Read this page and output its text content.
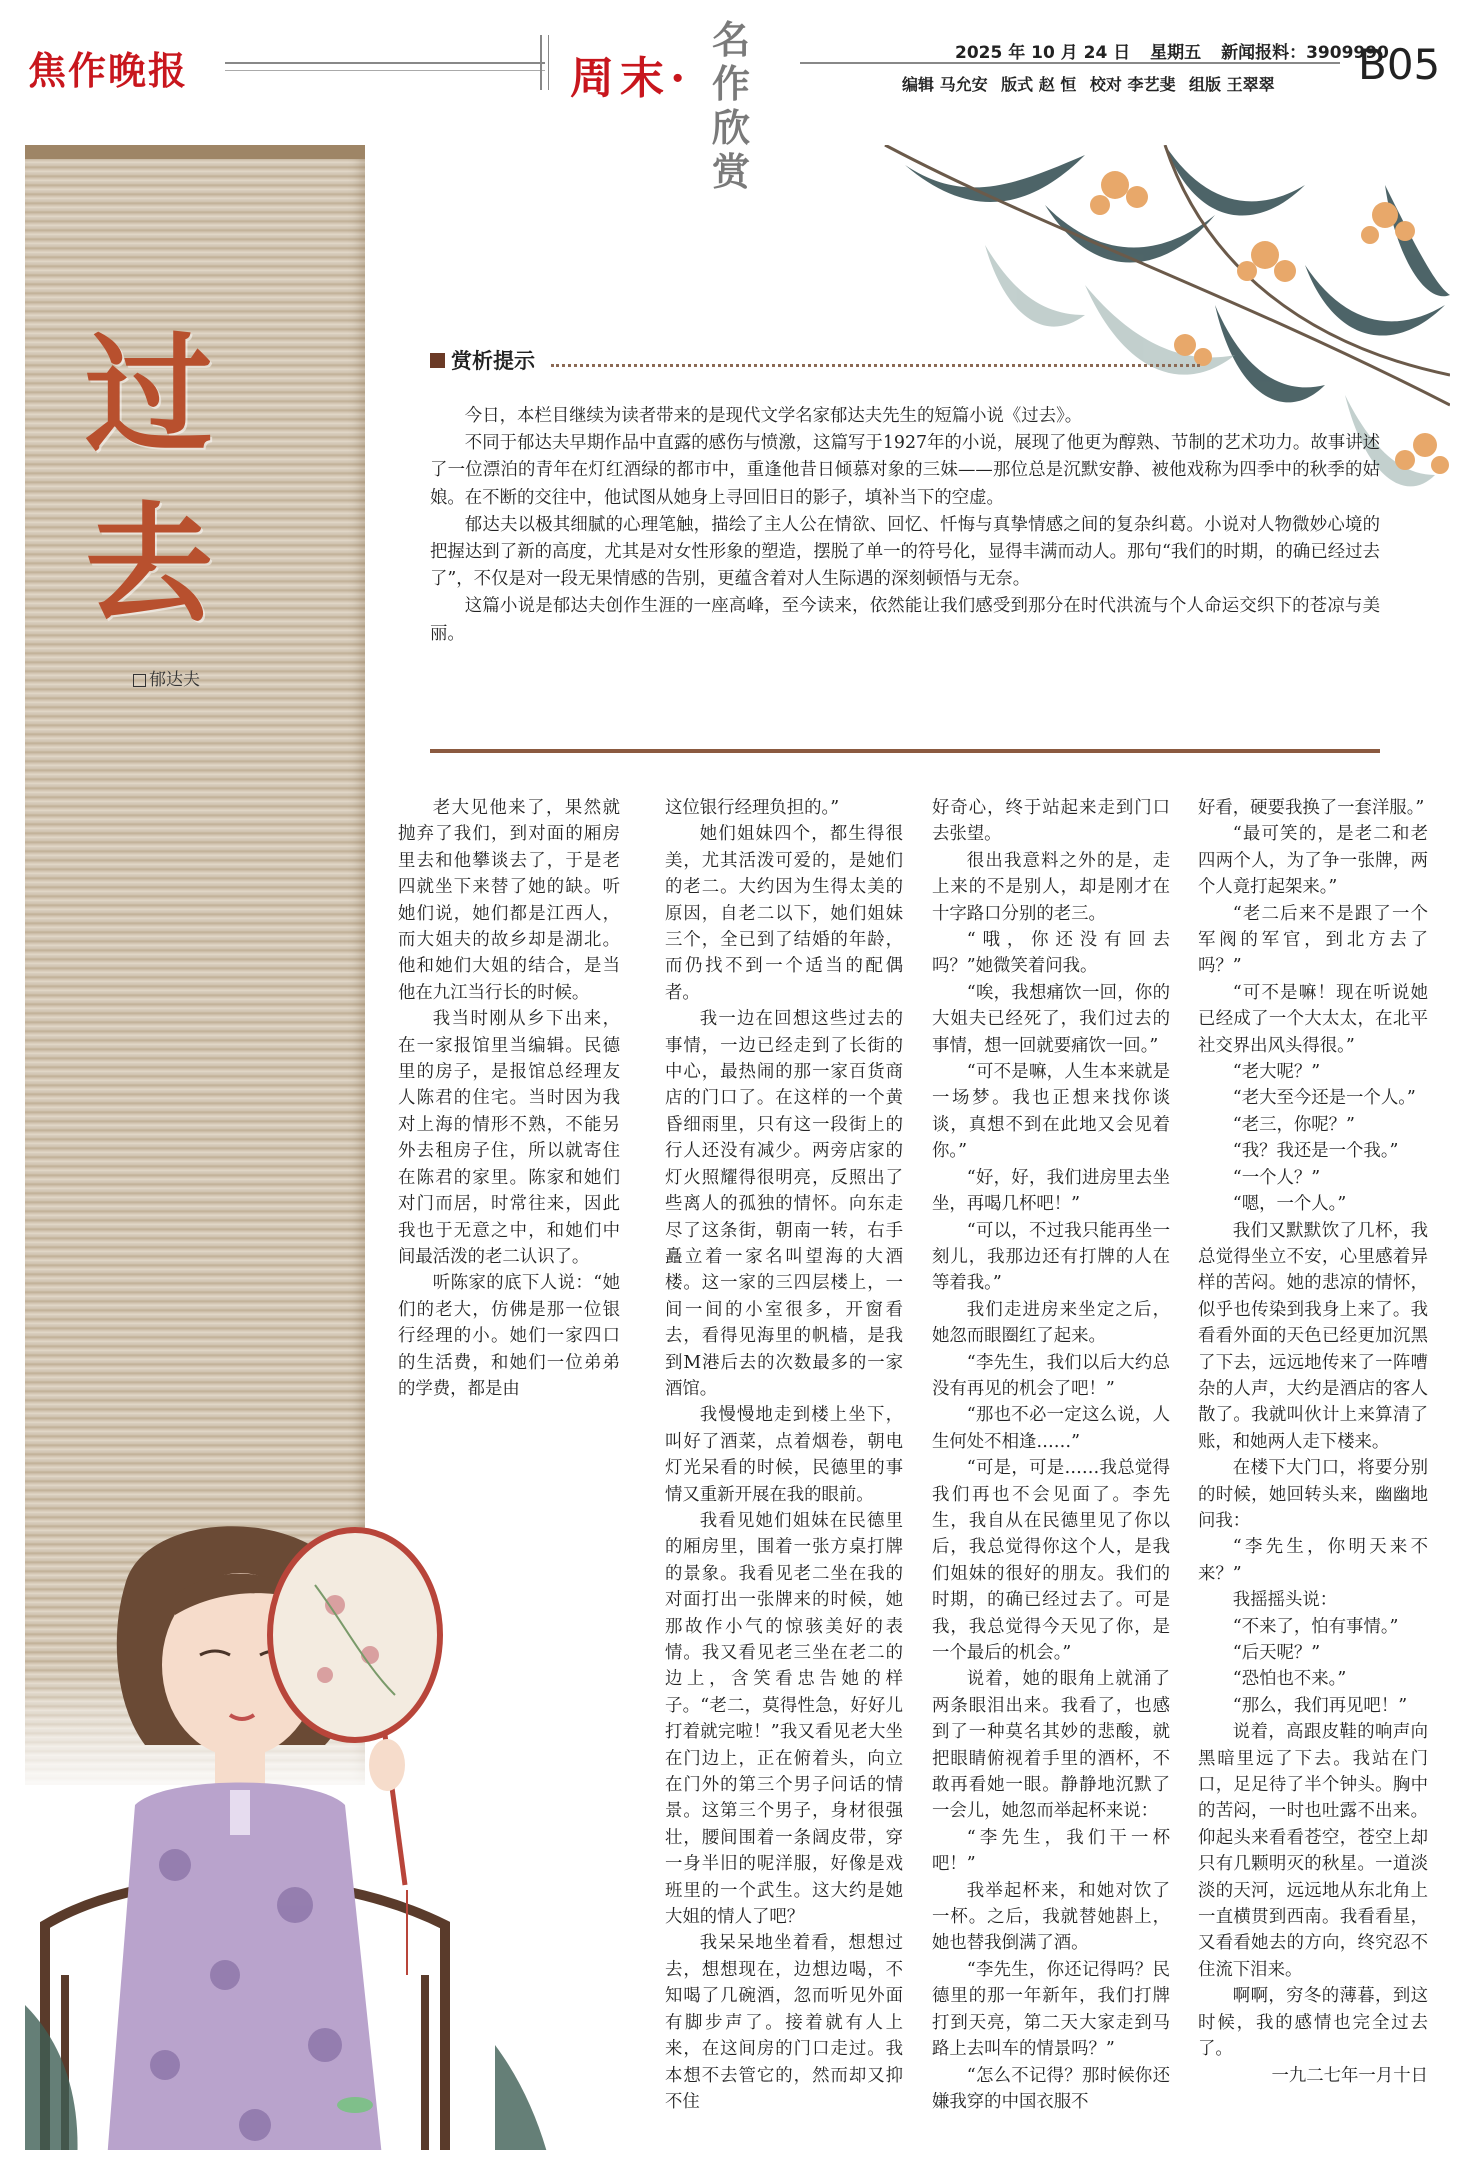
焦作晚报	周末·
名作欣赏
2025 年 10 月 24 日 星期五 新闻报料：3909990
编辑 马允安 版式 赵 恒 校对 李艺斐 组版 王翠翠 B05
过去
郁达夫
赏析提示

今日，本栏目继续为读者带来的是现代文学名家郁达夫先生的短篇小说《过去》。

不同于郁达夫早期作品中直露的感伤与愤激，这篇写于1927年的小说，展现了他更为醇熟、节制的艺术功力。故事讲述了一位漂泊的青年在灯红酒绿的都市中，重逢他昔日倾慕对象的三妹——那位总是沉默安静、被他戏称为四季中的秋季的姑娘。在不断的交往中，他试图从她身上寻回旧日的影子，填补当下的空虚。

郁达夫以极其细腻的心理笔触，描绘了主人公在情欲、回忆、忏悔与真挚情感之间的复杂纠葛。小说对人物微妙心境的把握达到了新的高度，尤其是对女性形象的塑造，摆脱了单一的符号化，显得丰满而动人。那句“我们的时期，的确已经过去了”，不仅是对一段无果情感的告别，更蕴含着对人生际遇的深刻顿悟与无奈。

这篇小说是郁达夫创作生涯的一座高峰，至今读来，依然能让我们感受到那分在时代洪流与个人命运交织下的苍凉与美丽。

老大见他来了，果然就抛弃了我们，到对面的厢房里去和他攀谈去了，于是老四就坐下来替了她的缺。听她们说，她们都是江西人，而大姐夫的故乡却是湖北。他和她们大姐的结合，是当他在九江当行长的时候。

我当时刚从乡下出来，在一家报馆里当编辑。民德里的房子，是报馆总经理友人陈君的住宅。当时因为我对上海的情形不熟，不能另外去租房子住，所以就寄住在陈君的家里。陈家和她们对门而居，时常往来，因此我也于无意之中，和她们中间最活泼的老二认识了。

听陈家的底下人说：“她们的老大，仿佛是那一位银行经理的小。她们一家四口的生活费，和她们一位弟弟的学费，都是由

这位银行经理负担的。”

她们姐妹四个，都生得很美，尤其活泼可爱的，是她们的老二。大约因为生得太美的原因，自老二以下，她们姐妹三个，全已到了结婚的年龄，而仍找不到一个适当的配偶者。

我一边在回想这些过去的事情，一边已经走到了长街的中心，最热闹的那一家百货商店的门口了。在这样的一个黄昏细雨里，只有这一段街上的行人还没有减少。两旁店家的灯火照耀得很明亮，反照出了些离人的孤独的情怀。向东走尽了这条街，朝南一转，右手矗立着一家名叫望海的大酒楼。这一家的三四层楼上，一间一间的小室很多，开窗看去，看得见海里的帆樯，是我到M港后去的次数最多的一家酒馆。

我慢慢地走到楼上坐下，叫好了酒菜，点着烟卷，朝电灯光呆看的时候，民德里的事情又重新开展在我的眼前。

我看见她们姐妹在民德里的厢房里，围着一张方桌打牌的景象。我看见老二坐在我的对面打出一张牌来的时候，她那故作小气的惊骇美好的表情。我又看见老三坐在老二的边上，含笑看忠告她的样子。“老二，莫得性急，好好儿打着就完啦！”我又看见老大坐在门边上，正在俯着头，向立在门外的第三个男子问话的情景。这第三个男子，身材很强壮，腰间围着一条阔皮带，穿一身半旧的呢洋服，好像是戏班里的一个武生。这大约是她大姐的情人了吧？

我呆呆地坐着看，想想过去，想想现在，边想边喝，不知喝了几碗酒，忽而听见外面有脚步声了。接着就有人上来，在这间房的门口走过。我本想不去管它的，然而却又抑不住

好奇心，终于站起来走到门口去张望。

很出我意料之外的是，走上来的不是别人，却是刚才在十字路口分别的老三。

“哦，你还没有回去吗？”她微笑着问我。

“唉，我想痛饮一回，你的大姐夫已经死了，我们过去的事情，想一回就要痛饮一回。”

“可不是嘛，人生本来就是一场梦。我也正想来找你谈谈，真想不到在此地又会见着你。”

“好，好，我们进房里去坐坐，再喝几杯吧！”

“可以，不过我只能再坐一刻儿，我那边还有打牌的人在等着我。”

我们走进房来坐定之后，她忽而眼圈红了起来。

“李先生，我们以后大约总没有再见的机会了吧！”

“那也不必一定这么说，人生何处不相逢……”

“可是，可是……我总觉得我们再也不会见面了。李先生，我自从在民德里见了你以后，我总觉得你这个人，是我们姐妹的很好的朋友。我们的时期，的确已经过去了。可是我，我总觉得今天见了你，是一个最后的机会。”

说着，她的眼角上就涌了两条眼泪出来。我看了，也感到了一种莫名其妙的悲酸，就把眼睛俯视着手里的酒杯，不敢再看她一眼。静静地沉默了一会儿，她忽而举起杯来说：

“李先生，我们干一杯吧！”

我举起杯来，和她对饮了一杯。之后，我就替她斟上，她也替我倒满了酒。

“李先生，你还记得吗？民德里的那一年新年，我们打牌打到天亮，第二天大家走到马路上去叫车的情景吗？”

“怎么不记得？那时候你还嫌我穿的中国衣服不

好看，硬要我换了一套洋服。”

“最可笑的，是老二和老四两个人，为了争一张牌，两个人竟打起架来。”

“老二后来不是跟了一个军阀的军官，到北方去了吗？”

“可不是嘛！现在听说她已经成了一个大太太，在北平社交界出风头得很。”

“老大呢？”

“老大至今还是一个人。”

“老三，你呢？”

“我？我还是一个我。”

“一个人？”

“嗯，一个人。”

我们又默默饮了几杯，我总觉得坐立不安，心里感着异样的苦闷。她的悲凉的情怀，似乎也传染到我身上来了。我看看外面的天色已经更加沉黑了下去，远远地传来了一阵嘈杂的人声，大约是酒店的客人散了。我就叫伙计上来算清了账，和她两人走下楼来。

在楼下大门口，将要分别的时候，她回转头来，幽幽地问我：

“李先生，你明天来不来？”

我摇摇头说：

“不来了，怕有事情。”

“后天呢？”

“恐怕也不来。”

“那么，我们再见吧！”

说着，高跟皮鞋的响声向黑暗里远了下去。我站在门口，足足待了半个钟头。胸中的苦闷，一时也吐露不出来。仰起头来看看苍空，苍空上却只有几颗明灭的秋星。一道淡淡的天河，远远地从东北角上一直横贯到西南。我看看星，又看看她去的方向，终究忍不住流下泪来。

啊啊，穷冬的薄暮，到这时候，我的感情也完全过去了。

一九二七年一月十日
